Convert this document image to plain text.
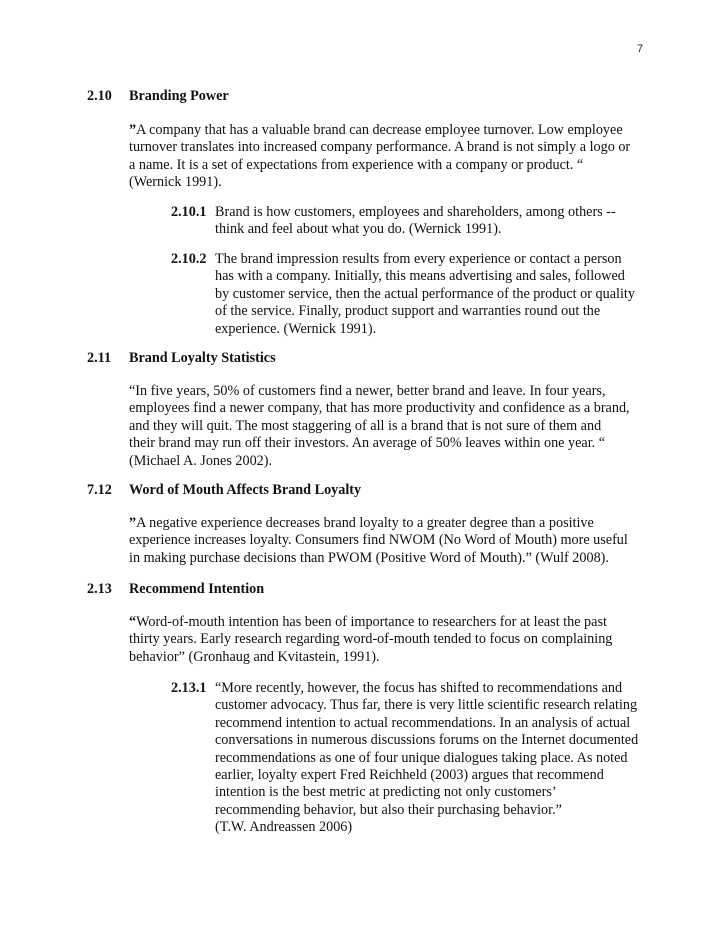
7
2.10 Branding Power

”A company that has a valuable brand can decrease employee turnover. Low employee

turnover translates into increased company performance. A brand is not simply a logo or

a name. It is a set of expectations from experience with a company or product. “

(Wernick 1991).

2.10.1 Brand is how customers, employees and shareholders, among others --

think and feel about what you do. (Wernick 1991).

2.10.2 The brand impression results from every experience or contact a person

has with a company. Initially, this means advertising and sales, followed

by customer service, then the actual performance of the product or quality

of the service. Finally, product support and warranties round out the

experience. (Wernick 1991).

2.11 Brand Loyalty Statistics

“In five years, 50% of customers find a newer, better brand and leave. In four years,

employees find a newer company, that has more productivity and confidence as a brand,

and they will quit. The most staggering of all is a brand that is not sure of them and

their brand may run off their investors. An average of 50% leaves within one year. “

(Michael A. Jones 2002).

7.12 Word of Mouth Affects Brand Loyalty

”A negative experience decreases brand loyalty to a greater degree than a positive

experience increases loyalty. Consumers find NWOM (No Word of Mouth) more useful

in making purchase decisions than PWOM (Positive Word of Mouth).” (Wulf 2008).

2.13 Recommend Intention

“Word-of-mouth intention has been of importance to researchers for at least the past

thirty years. Early research regarding word-of-mouth tended to focus on complaining

behavior” (Gronhaug and Kvitastein, 1991).

2.13.1 “More recently, however, the focus has shifted to recommendations and

customer advocacy. Thus far, there is very little scientific research relating

recommend intention to actual recommendations. In an analysis of actual

conversations in numerous discussions forums on the Internet documented

recommendations as one of four unique dialogues taking place. As noted

earlier, loyalty expert Fred Reichheld (2003) argues that recommend

intention is the best metric at predicting not only customers’

recommending behavior, but also their purchasing behavior.”

(T.W. Andreassen 2006)
